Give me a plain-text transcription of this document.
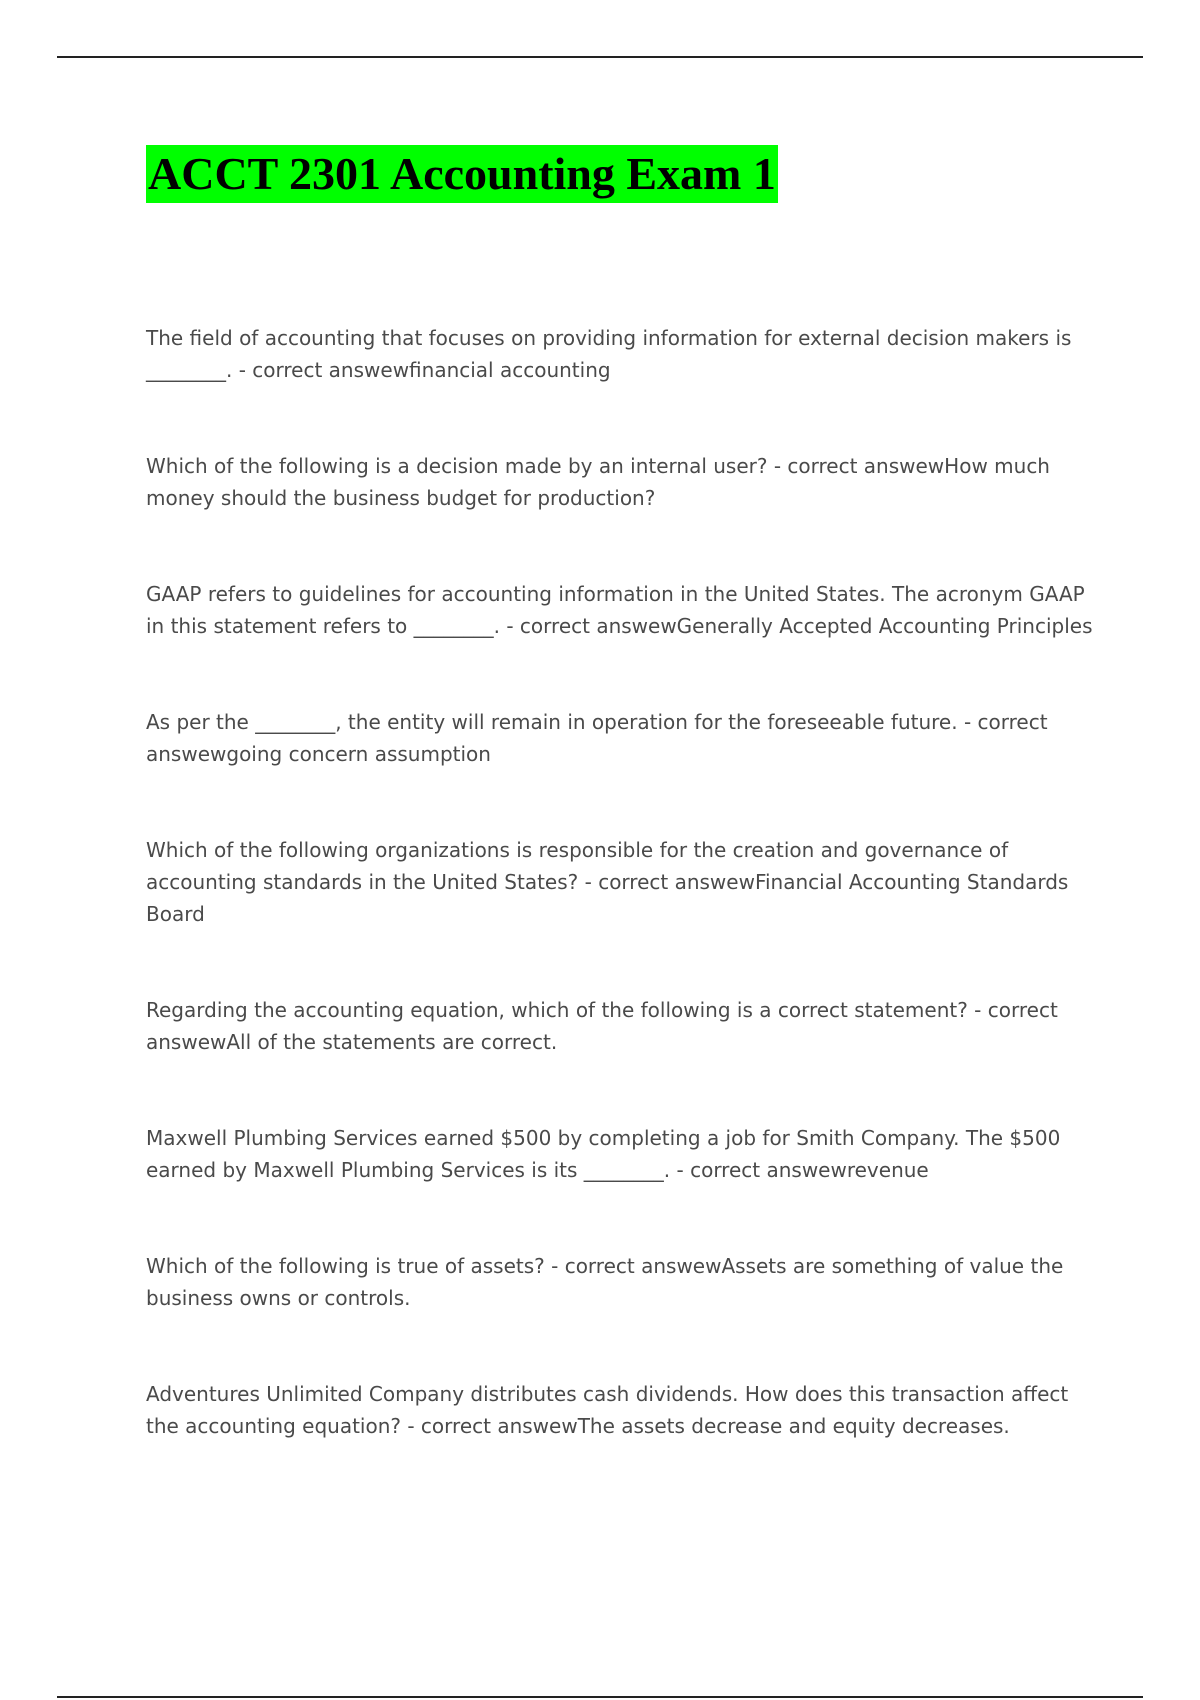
ACCT 2301 Accounting Exam 1
The field of accounting that focuses on providing information for external decision makers is ________. - correct answewfinancial accounting
Which of the following is a decision made by an internal user? - correct answewHow much money should the business budget for production?
GAAP refers to guidelines for accounting information in the United States. The acronym GAAP in this statement refers to ________. - correct answewGenerally Accepted Accounting Principles
As per the ________, the entity will remain in operation for the foreseeable future. - correct answewgoing concern assumption
Which of the following organizations is responsible for the creation and governance of accounting standards in the United States? - correct answewFinancial Accounting Standards Board
Regarding the accounting equation, which of the following is a correct statement? - correct answewAll of the statements are correct.
Maxwell Plumbing Services earned $500 by completing a job for Smith Company. The $500 earned by Maxwell Plumbing Services is its ________. - correct answewrevenue
Which of the following is true of assets? - correct answewAssets are something of value the business owns or controls.
Adventures Unlimited Company distributes cash dividends. How does this transaction affect the accounting equation? - correct answewThe assets decrease and equity decreases.
